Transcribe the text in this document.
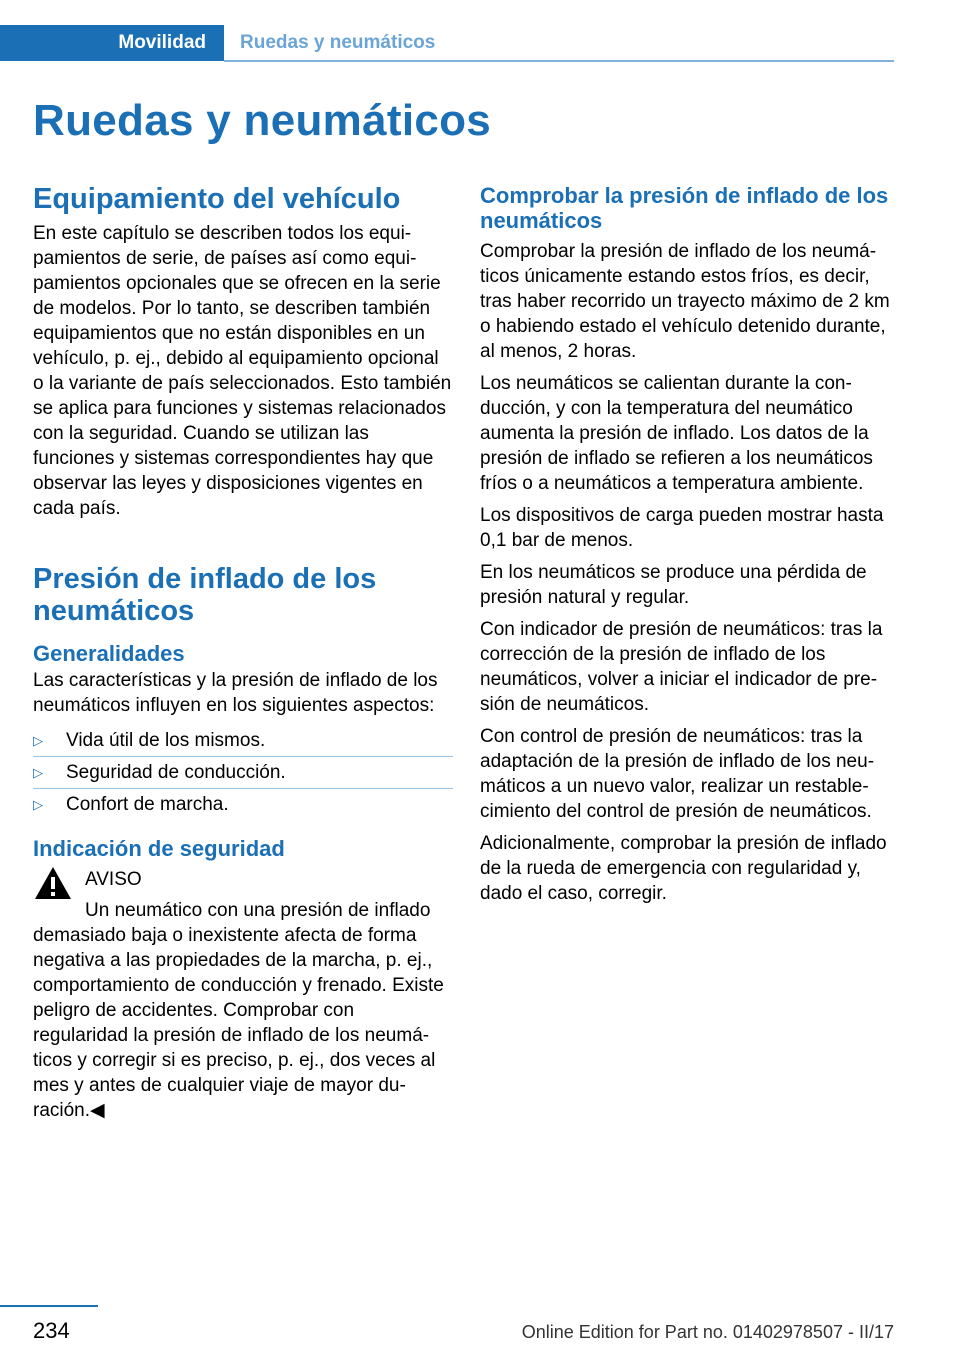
Movilidad Ruedas y neumáticos
Ruedas y neumáticos
Equipamiento del vehículo

En este capítulo se describen todos los equipamientos de serie, de países así como equipamientos opcionales que se ofrecen en la serie de modelos. Por lo tanto, se describen también equipamientos que no están disponibles en un vehículo, p. ej., debido al equipamiento opcional o la variante de país seleccionados. Esto también se aplica para funciones y sistemas relacionados con la seguridad. Cuando se utilizan las funciones y sistemas correspondientes hay que observar las leyes y disposiciones vigentes en cada país.

Presión de inflado de los neumáticos
Generalidades

Las características y la presión de inflado de los neumáticos influyen en los siguientes aspectos:

▷	Vida útil de los mismos.
▷	Seguridad de conducción.
▷	Confort de marcha.
Indicación de seguridad
AVISO
Un neumático con una presión de inflado

demasiado baja o inexistente afecta de forma negativa a las propiedades de la marcha, p. ej., comportamiento de conducción y frenado. Existe peligro de accidentes. Comprobar con regularidad la presión de inflado de los neumáticos y corregir si es preciso, p. ej., dos veces al mes y antes de cualquier viaje de mayor duración.◀

Comprobar la presión de inflado de los neumáticos

Comprobar la presión de inflado de los neumáticos únicamente estando estos fríos, es decir, tras haber recorrido un trayecto máximo de 2 km o habiendo estado el vehículo detenido durante, al menos, 2 horas.

Los neumáticos se calientan durante la conducción, y con la temperatura del neumático aumenta la presión de inflado. Los datos de la presión de inflado se refieren a los neumáticos fríos o a neumáticos a temperatura ambiente.

Los dispositivos de carga pueden mostrar hasta 0,1 bar de menos.

En los neumáticos se produce una pérdida de presión natural y regular.

Con indicador de presión de neumáticos: tras la corrección de la presión de inflado de los neumáticos, volver a iniciar el indicador de presión de neumáticos.

Con control de presión de neumáticos: tras la adaptación de la presión de inflado de los neumáticos a un nuevo valor, realizar un restablecimiento del control de presión de neumáticos.

Adicionalmente, comprobar la presión de inflado de la rueda de emergencia con regularidad y, dado el caso, corregir.

234	Online Edition for Part no. 01402978507 - II/17
